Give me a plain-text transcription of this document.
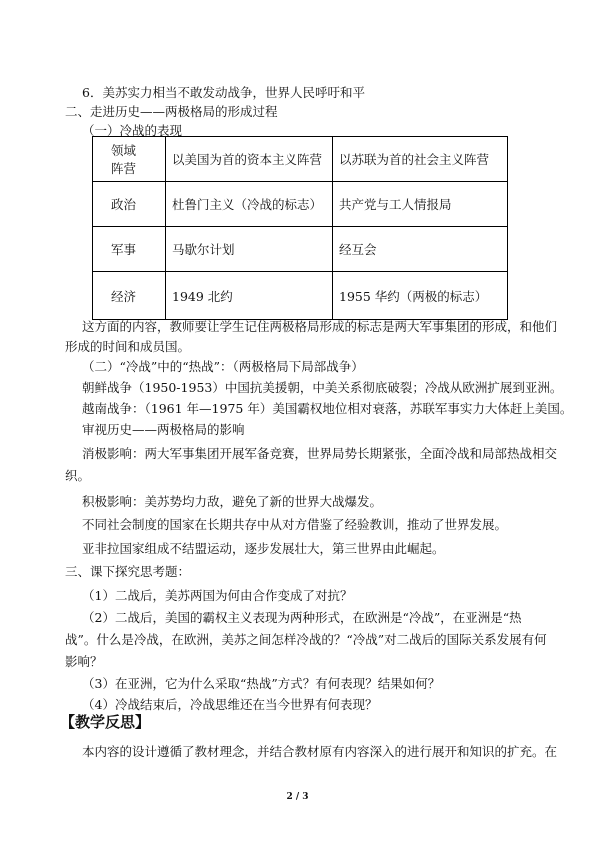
6．美苏实力相当不敢发动战争，世界人民呼吁和平
二、走进历史——两极格局的形成过程
（一）冷战的表现
领域
阵营	以美国为首的资本主义阵营	以苏联为首的社会主义阵营
政治	杜鲁门主义（冷战的标志）	共产党与工人情报局
军事	马歇尔计划	经互会
经济	1949 北约	1955 华约（两极的标志）
这方面的内容，教师要让学生记住两极格局形成的标志是两大军事集团的形成，和他们
形成的时间和成员国。
（二）“冷战”中的“热战”：（两极格局下局部战争）
朝鲜战争（1950-1953）中国抗美援朝，中美关系彻底破裂；冷战从欧洲扩展到亚洲。
越南战争：（1961 年—1975 年）美国霸权地位相对衰落，苏联军事实力大体赶上美国。
审视历史——两极格局的影响
消极影响：两大军事集团开展军备竞赛，世界局势长期紧张，全面冷战和局部热战相交
织。
积极影响：美苏势均力敌，避免了新的世界大战爆发。
不同社会制度的国家在长期共存中从对方借鉴了经验教训，推动了世界发展。
亚非拉国家组成不结盟运动，逐步发展壮大，第三世界由此崛起。
三、课下探究思考题：
（1）二战后，美苏两国为何由合作变成了对抗？
（2）二战后，美国的霸权主义表现为两种形式，在欧洲是“冷战”，在亚洲是“热
战”。什么是冷战，在欧洲，美苏之间怎样冷战的？“冷战”对二战后的国际关系发展有何
影响？
（3）在亚洲，它为什么采取“热战”方式？有何表现？结果如何？
（4）冷战结束后，冷战思维还在当今世界有何表现？
【教学反思】
本内容的设计遵循了教材理念，并结合教材原有内容深入的进行展开和知识的扩充。在
2 / 3
